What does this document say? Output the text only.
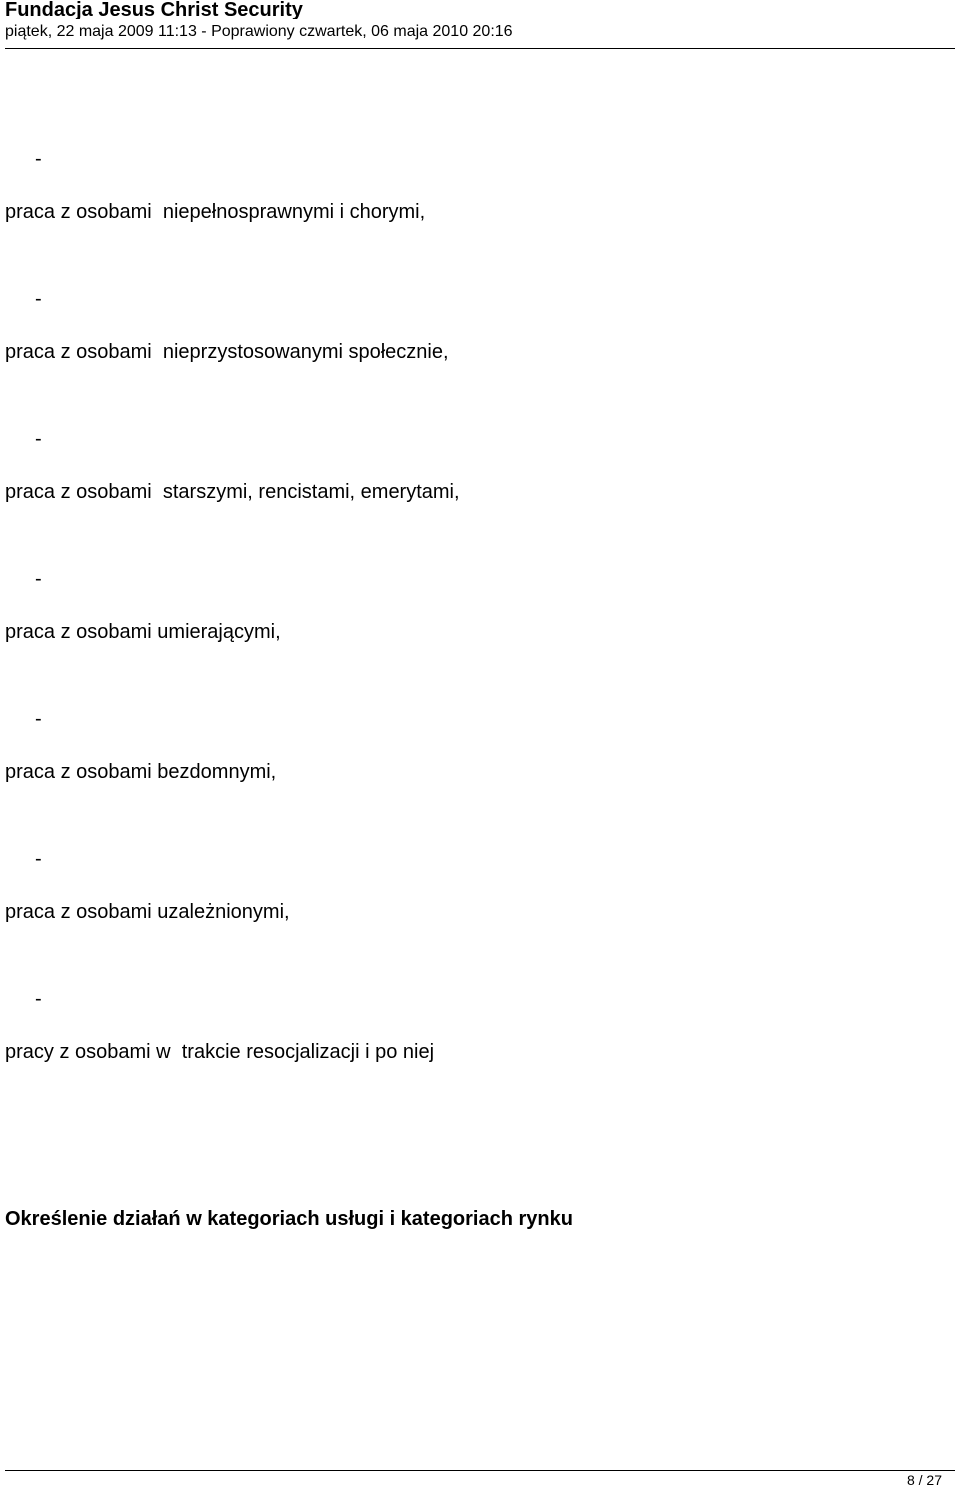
Fundacja Jesus Christ Security
piątek, 22 maja 2009 11:13 - Poprawiony czwartek, 06 maja 2010 20:16
-
praca z osobami  niepełnosprawnymi i chorymi,
-
praca z osobami  nieprzystosowanymi społecznie,
-
praca z osobami  starszymi, rencistami, emerytami,
-
praca z osobami umierającymi,
-
praca z osobami bezdomnymi,
-
praca z osobami uzależnionymi,
-
pracy z osobami w  trakcie resocjalizacji i po niej
Określenie działań w kategoriach usługi i kategoriach rynku
8 / 27
